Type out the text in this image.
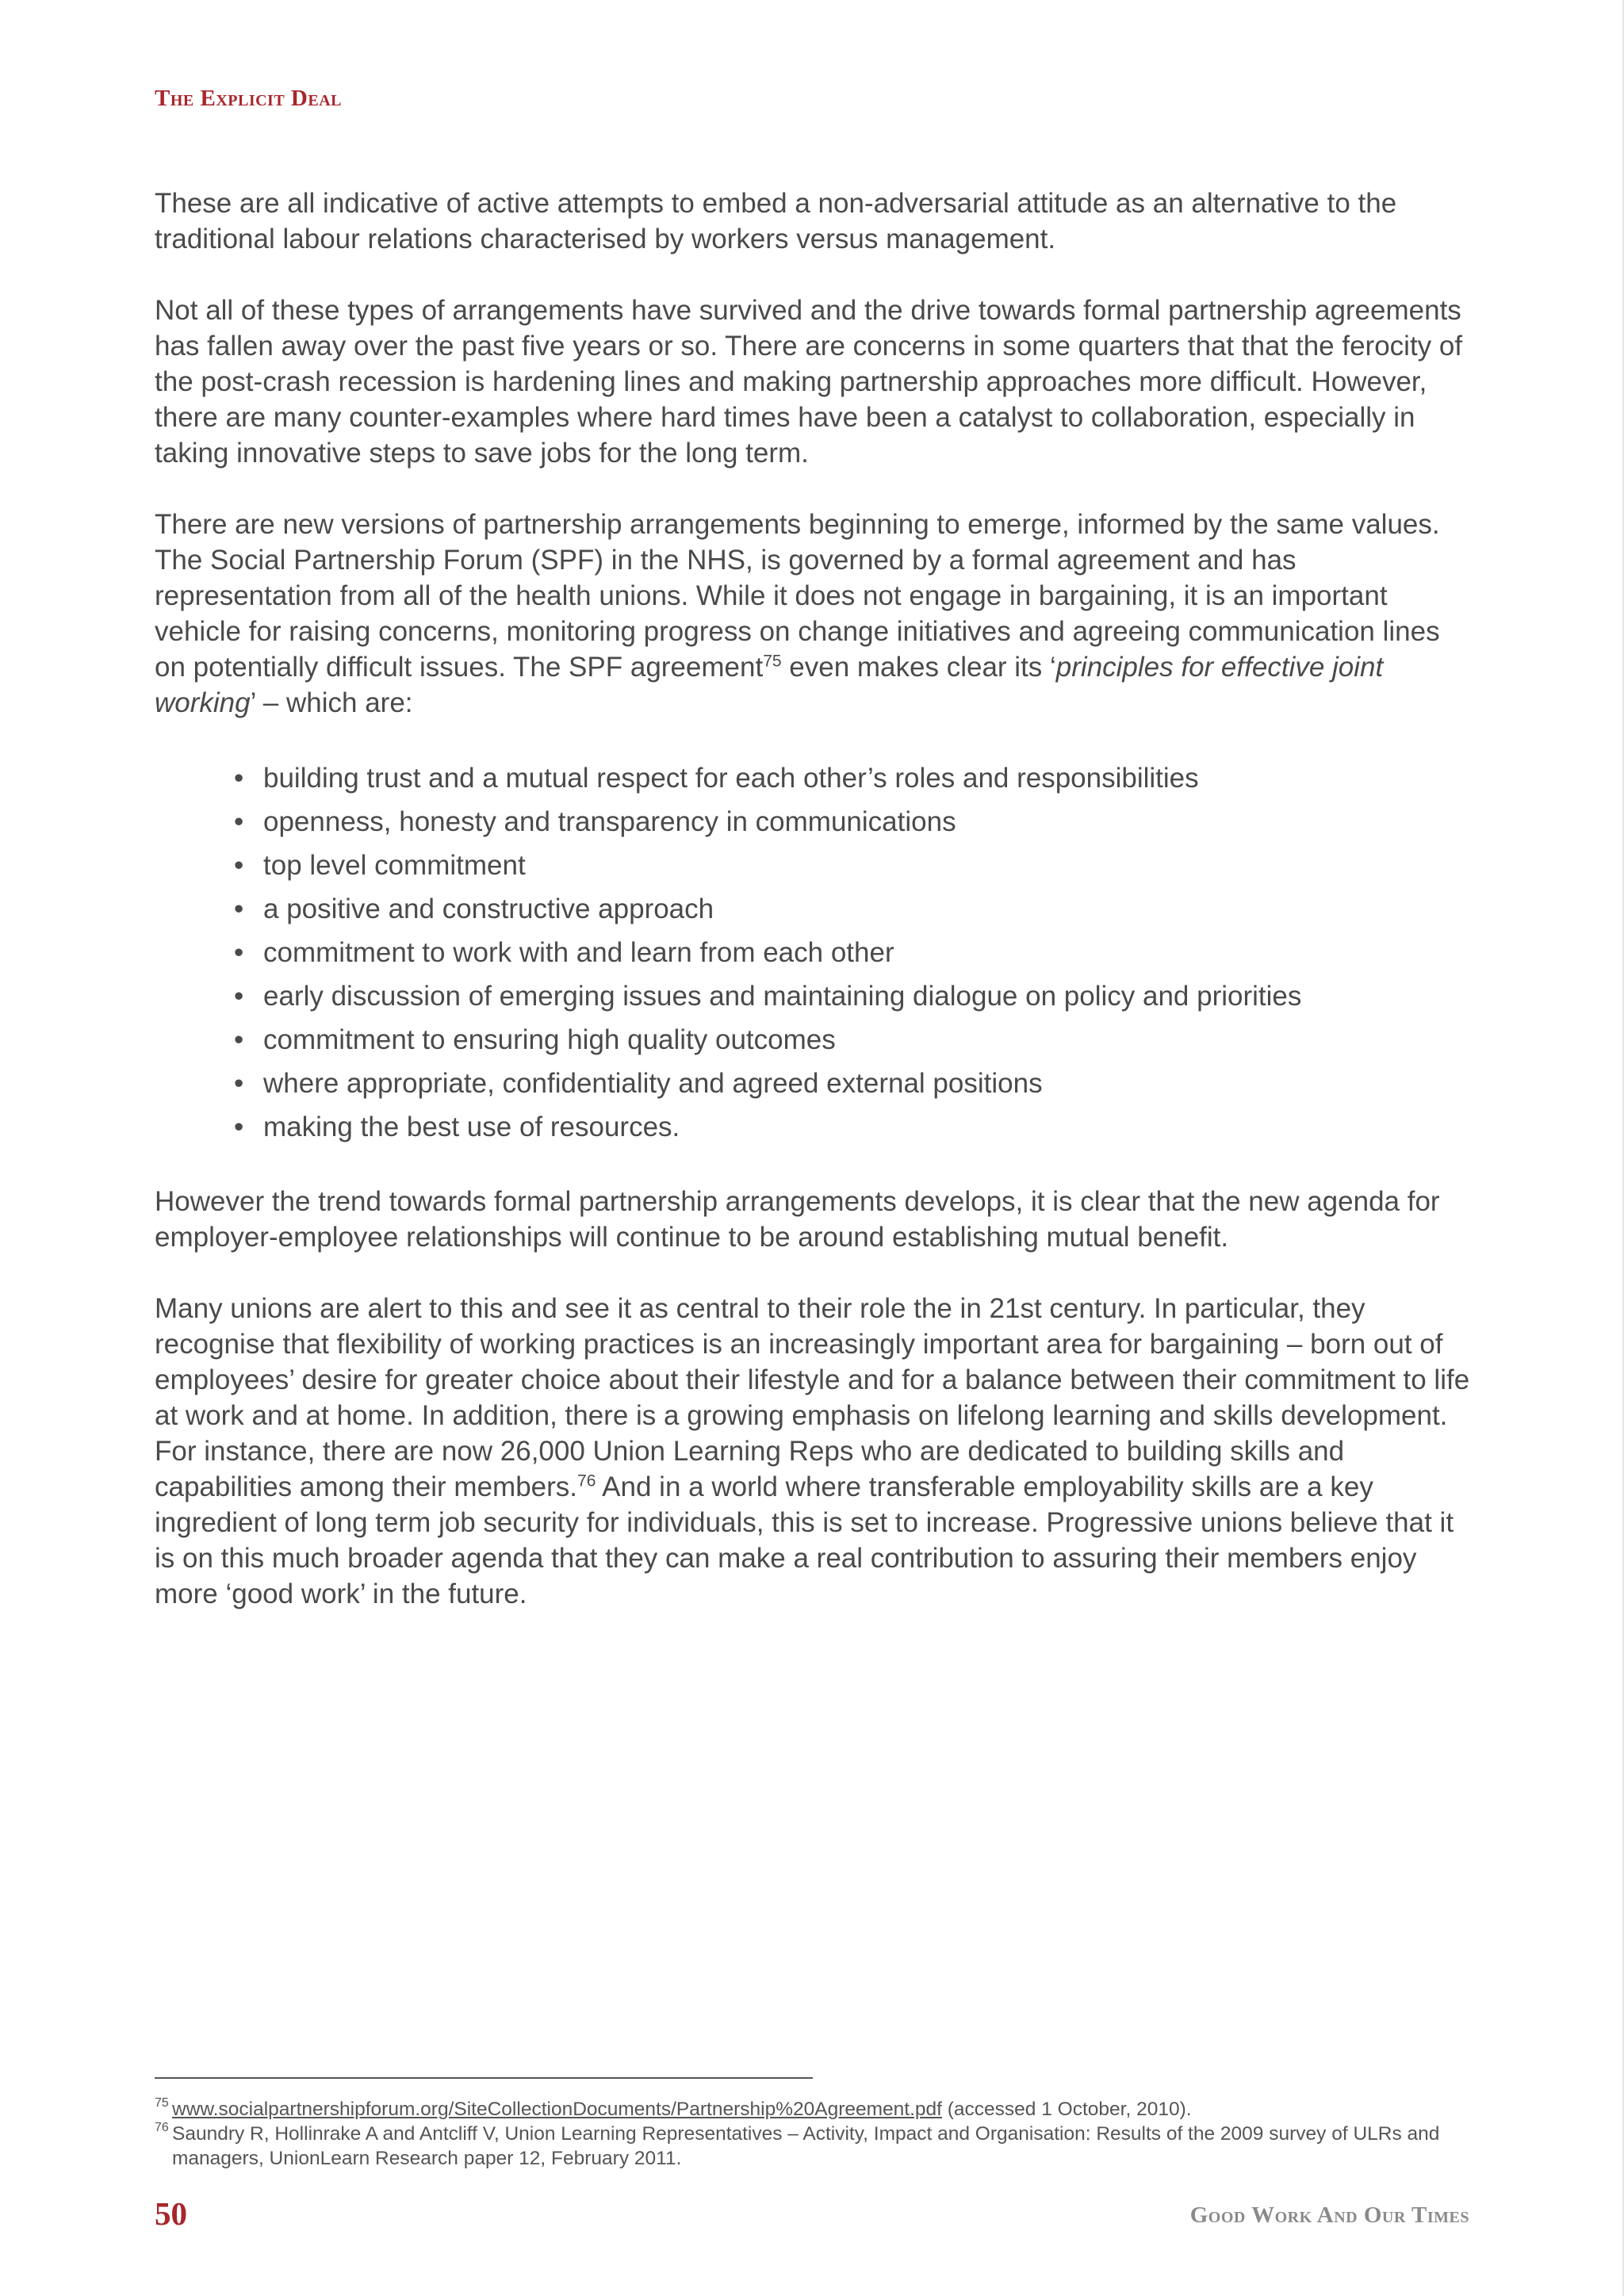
The Explicit Deal

These are all indicative of active attempts to embed a non-adversarial attitude as an alternative to the traditional labour relations characterised by workers versus management.

Not all of these types of arrangements have survived and the drive towards formal partnership agreements has fallen away over the past five years or so. There are concerns in some quarters that that the ferocity of the post-crash recession is hardening lines and making partnership approaches more difficult. However, there are many counter-examples where hard times have been a catalyst to collaboration, especially in taking innovative steps to save jobs for the long term.

There are new versions of partnership arrangements beginning to emerge, informed by the same values. The Social Partnership Forum (SPF) in the NHS, is governed by a formal agreement and has representation from all of the health unions. While it does not engage in bargaining, it is an important vehicle for raising concerns, monitoring progress on change initiatives and agreeing communication lines on potentially difficult issues. The SPF agreement$^{75}$ even makes clear its ‘principles for effective joint working’ – which are:

• building trust and a mutual respect for each other’s roles and responsibilities
• openness, honesty and transparency in communications
• top level commitment
• a positive and constructive approach
• commitment to work with and learn from each other
• early discussion of emerging issues and maintaining dialogue on policy and priorities
• commitment to ensuring high quality outcomes
• where appropriate, confidentiality and agreed external positions
• making the best use of resources.

However the trend towards formal partnership arrangements develops, it is clear that the new agenda for employer-employee relationships will continue to be around establishing mutual benefit.

Many unions are alert to this and see it as central to their role the in 21st century. In particular, they recognise that flexibility of working practices is an increasingly important area for bargaining – born out of employees’ desire for greater choice about their lifestyle and for a balance between their commitment to life at work and at home. In addition, there is a growing emphasis on lifelong learning and skills development. For instance, there are now 26,000 Union Learning Reps who are dedicated to building skills and capabilities among their members.$^{76}$ And in a world where transferable employability skills are a key ingredient of long term job security for individuals, this is set to increase. Progressive unions believe that it is on this much broader agenda that they can make a real contribution to assuring their members enjoy more ‘good work’ in the future.

75 www.socialpartnershipforum.org/SiteCollectionDocuments/Partnership%20Agreement.pdf (accessed 1 October, 2010).
76 Saundry R, Hollinrake A and Antcliff V, Union Learning Representatives – Activity, Impact and Organisation: Results of the 2009 survey of ULRs and managers, UnionLearn Research paper 12, February 2011.
50	Good Work And Our Times
